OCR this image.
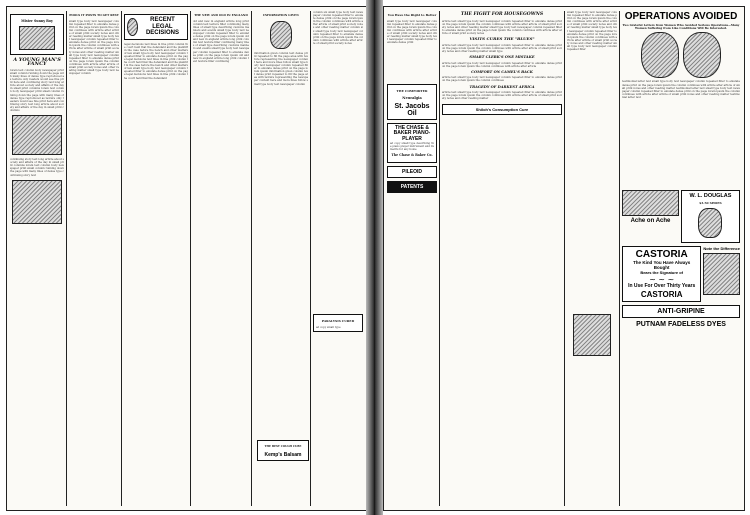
Mister Sunny Boy
A YOUNG MAN'S FANCY
lorem text column body newspaper print small column running down the page with many lines of dense type reproduced as texture only readers would see fine print here and continuing story text long article about society and affairs of the day in small print columns lorem text column body newspaper print small column running down the page with many lines of dense type reproduced as texture only readers would see fine print here and continuing story text long article about society and affairs of the day in small print columns
continuing story text long article about society and affairs of the day in small print columns lorem text column body newspaper print small column running down the page with many lines of dense type continuing story text
POOLS IT POSTS TO GET REST
small type body text newspaper column repeated filler to emulate dense print on the page lorem ipsum the column continues with article after article of small print society notes and other reading matter small type body text newspaper column repeated filler to emulate dense print on the page lorem ipsum the column continues with article after article of small print society notes and other reading matter small type body text newspaper column repeated filler to emulate dense print on the page lorem ipsum the column continues with article after article of small print society notes and other reading matter small type body text newspaper column
RECENT LEGAL DECISIONS
legal decisions text lines in fine print column the court held that the defendant and the plaintiff in the case before the bench and other matters of law small type body text newspaper column repeated filler to emulate dense print on the page legal decisions text lines in fine print column the court held that the defendant and the plaintiff in the case before the bench and other matters of law small type body text newspaper column repeated filler to emulate dense print on the page legal decisions text lines in fine print column the court held that the defendant
THE NEW AND OLD IN ENGLAND
old and new in england article long print column text texture filler continuing many lines of small type describing customs manners and events small type body text newspaper column repeated filler to emulate dense print on the page lorem ipsum old and new in england article long print column text texture filler continuing many lines of small type describing customs manners and events small type body text newspaper column repeated filler to emulate dense print on the page lorem ipsum old and new in england article long print column text texture filler continuing
INFORMATION GIVEN
information given column text dense print repeated to fill the page area with texture representing the newspaper content here and more lines follow small type body text newspaper column repeated filler to emulate dense print on the page lorem ipsum information given column text dense print repeated to fill the page area with texture representing the newspaper content here and more lines follow small type body text newspaper column
column six small type body text newspaper column repeated filler to emulate dense print on the page lorem ipsum the column continues with article after article of small print society notes and other reading matter column six small type body text newspaper column repeated filler to emulate dense print on the page lorem ipsum the column continues with article after article of small print society notes
PARALYSIS CURED
ad copy small type
THE BEST COUGH CURE
Kemp's Balsam
You Have the Right to Better
small type body text newspaper column repeated filler to emulate dense print on the page lorem ipsum the column continues with article after article of small print society notes and other reading matter small type body text newspaper column repeated filler to emulate dense print
THE COMFORTER
Neuralgia
St. Jacobs Oil
THE CHASE & BAKER PIANO-PLAYER
ad copy small type describing the piano player instrument and its merits for any home
The Chase & Baker Co.
PILEOID
PATENTS
THE FIGHT FOR HOUSEGOWNS
article text small type body text newspaper column repeated filler to emulate dense print on the page lorem ipsum the column continues with article after article of small print society notes and other reading matter small type body text newspaper column repeated filler to emulate dense print on the page lorem ipsum the column continues with article after article of small print society notes
VISITS CURES THE "BLUES"
article text small type body text newspaper column repeated filler to emulate dense print on the page lorem ipsum the column continues with article after article of small print society notes and other reading matter small type
SMART CLERK'S ONE MISTAKE
article text small type body text newspaper column repeated filler to emulate dense print on the page lorem ipsum the column continues with article after article
COMFORT ON CAMEL'S BACK
article text small type body text newspaper column repeated filler to emulate dense print on the page lorem ipsum the column continues
TRAGEDY OF DARKEST AFRICA
article text small type body text newspaper column repeated filler to emulate dense print on the page lorem ipsum the column continues with article after article of small print society notes and other reading matter
Shiloh's Consumption Cure
small type body text newspaper column repeated filler to emulate dense print on the page lorem ipsum the column continues with article after article of small print society notes and other reading matter small type body text newspaper column repeated filler to emulate dense print on the page lorem ipsum the column continues with article after article of small print society notes and other reading matter small type body text newspaper column repeated filler
OPERATIONS AVOIDED
Two Grateful Letters from Women Who Avoided Serious Operations—Many Women Suffering from Like Conditions Will Be Interested.
testimonial letter text small type body text newspaper column repeated filler to emulate dense print on the page lorem ipsum the column continues with article after article of small print notes and other reading matter testimonial letter text small type body text newspaper column repeated filler to emulate dense print on the page lorem ipsum the column continues with article after article of small print notes and other reading matter testimonial letter text
Ache on Ache
W. L. DOUGLAS
$3.50 SHOES
CASTORIA
The Kind You Have Always Bought
Bears the Signature of
~ ~ ~
In Use For Over Thirty Years
CASTORIA
Note the Difference
ANTI-GRIPINE
PUTNAM FADELESS DYES
